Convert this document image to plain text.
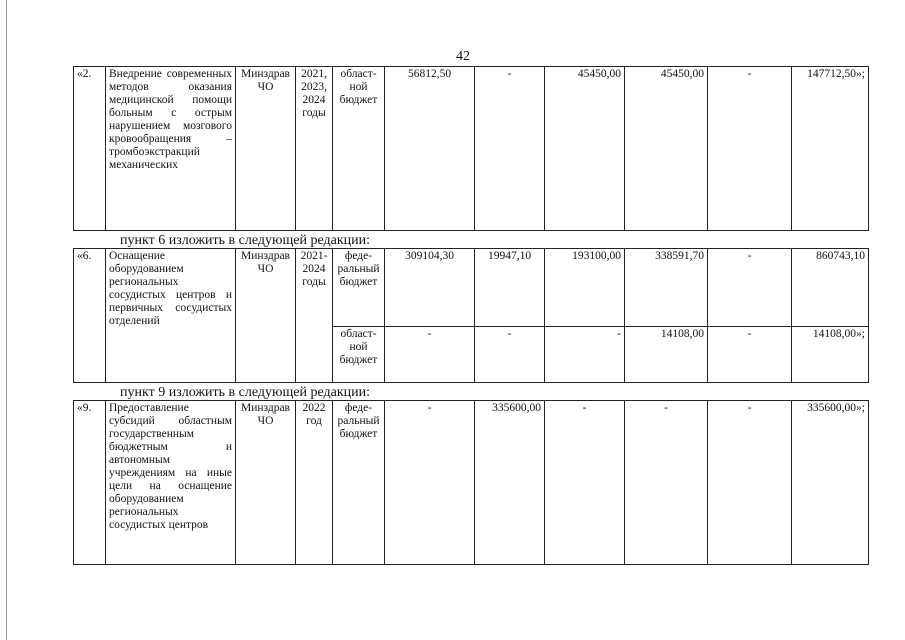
42
«2.	Внедрение современных методов оказания медицинской помощи больным с острым нарушением мозгового кровообращения – тромбоэкстракций механических	Минздрав ЧО	2021, 2023, 2024 годы	област-ной бюджет	56812,50	-	45450,00	45450,00	-	147712,50»;
пункт 6 изложить в следующей редакции:
«6.	Оснащение оборудованием региональных сосудистых центров и первичных сосудистых отделений	Минздрав ЧО	2021-2024 годы	феде-ральный бюджет	309104,30	19947,10	193100,00	338591,70	-	860743,10
				област-ной бюджет	-	-	-	14108,00	-	14108,00»;
пункт 9 изложить в следующей редакции:
«9.	Предоставление субсидий областным государственным бюджетным и автономным учреждениям на иные цели на оснащение оборудованием региональных сосудистых центров	Минздрав ЧО	2022 год	феде-ральный бюджет	-	335600,00	-	-	-	335600,00»;
